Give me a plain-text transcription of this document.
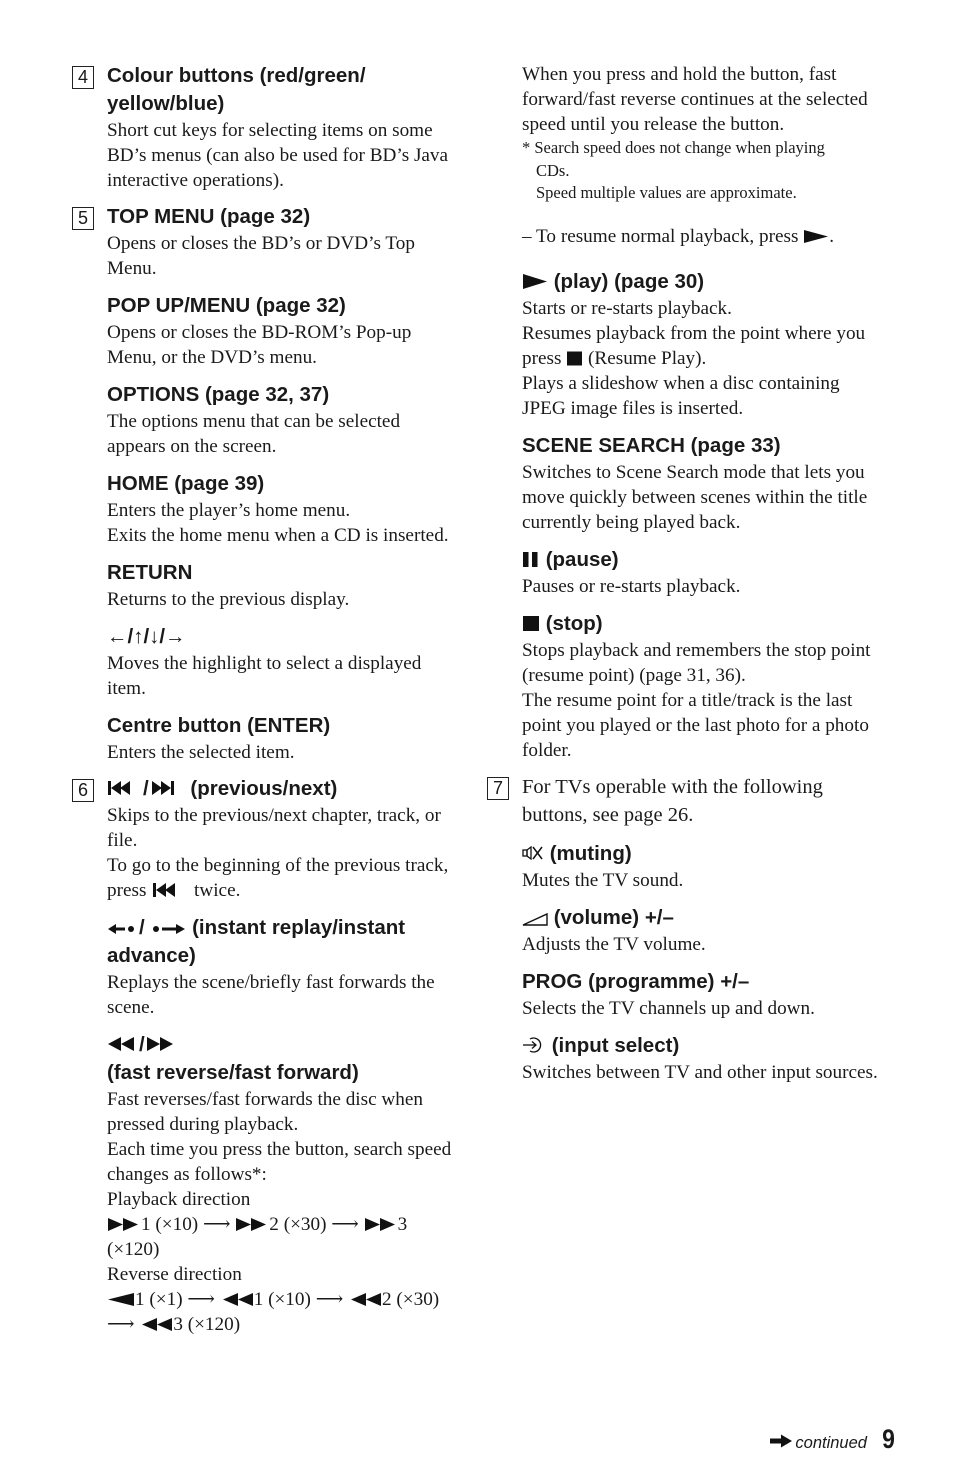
4 Colour buttons (red/green/ yellow/blue)

Short cut keys for selecting items on some BD’s menus (can also be used for BD’s Java interactive operations).

5 TOP MENU (page 32)

Opens or closes the BD’s or DVD’s Top Menu.

POP UP/MENU (page 32)

Opens or closes the BD-ROM’s Pop-up Menu, or the DVD’s menu.

OPTIONS (page 32, 37)

The options menu that can be selected appears on the screen.

HOME (page 39)

Enters the player’s home menu.

Exits the home menu when a CD is inserted.

RETURN

Returns to the previous display.

←/↑/↓/→

Moves the highlight to select a displayed item.

Centre button (ENTER)

Enters the selected item.

6	/ (previous/next)

Skips to the previous/next chapter, track, or file.

To go to the beginning of the previous track, press twice.

/ (instant replay/instant

advance)

Replays the scene/briefly fast forwards the scene.

/

(fast reverse/fast forward)

Fast reverses/fast forwards the disc when pressed during playback.

Each time you press the button, search speed changes as follows*:

Playback direction

1 (×10) ⟶ 2 (×30) ⟶ 3

(×120)

Reverse direction

1 (×1) ⟶ 1 (×10) ⟶ 2 (×30)

⟶ 3 (×120)

When you press and hold the button, fast forward/fast reverse continues at the selected speed until you release the button.

* Search speed does not change when playing

CDs.

Speed multiple values are approximate.

– To resume normal playback, press .

(play) (page 30)

Starts or re-starts playback.

Resumes playback from the point where you press (Resume Play).

Plays a slideshow when a disc containing JPEG image files is inserted.

SCENE SEARCH (page 33)

Switches to Scene Search mode that lets you move quickly between scenes within the title currently being played back.

(pause)

Pauses or re-starts playback.

(stop)

Stops playback and remembers the stop point (resume point) (page 31, 36).

The resume point for a title/track is the last point you played or the last photo for a photo folder.

7 For TVs operable with the following buttons, see page 26.

(muting)

Mutes the TV sound.

(volume) +/–

Adjusts the TV volume.

PROG (programme) +/–

Selects the TV channels up and down.

(input select)

Switches between TV and other input sources.

continued 9
